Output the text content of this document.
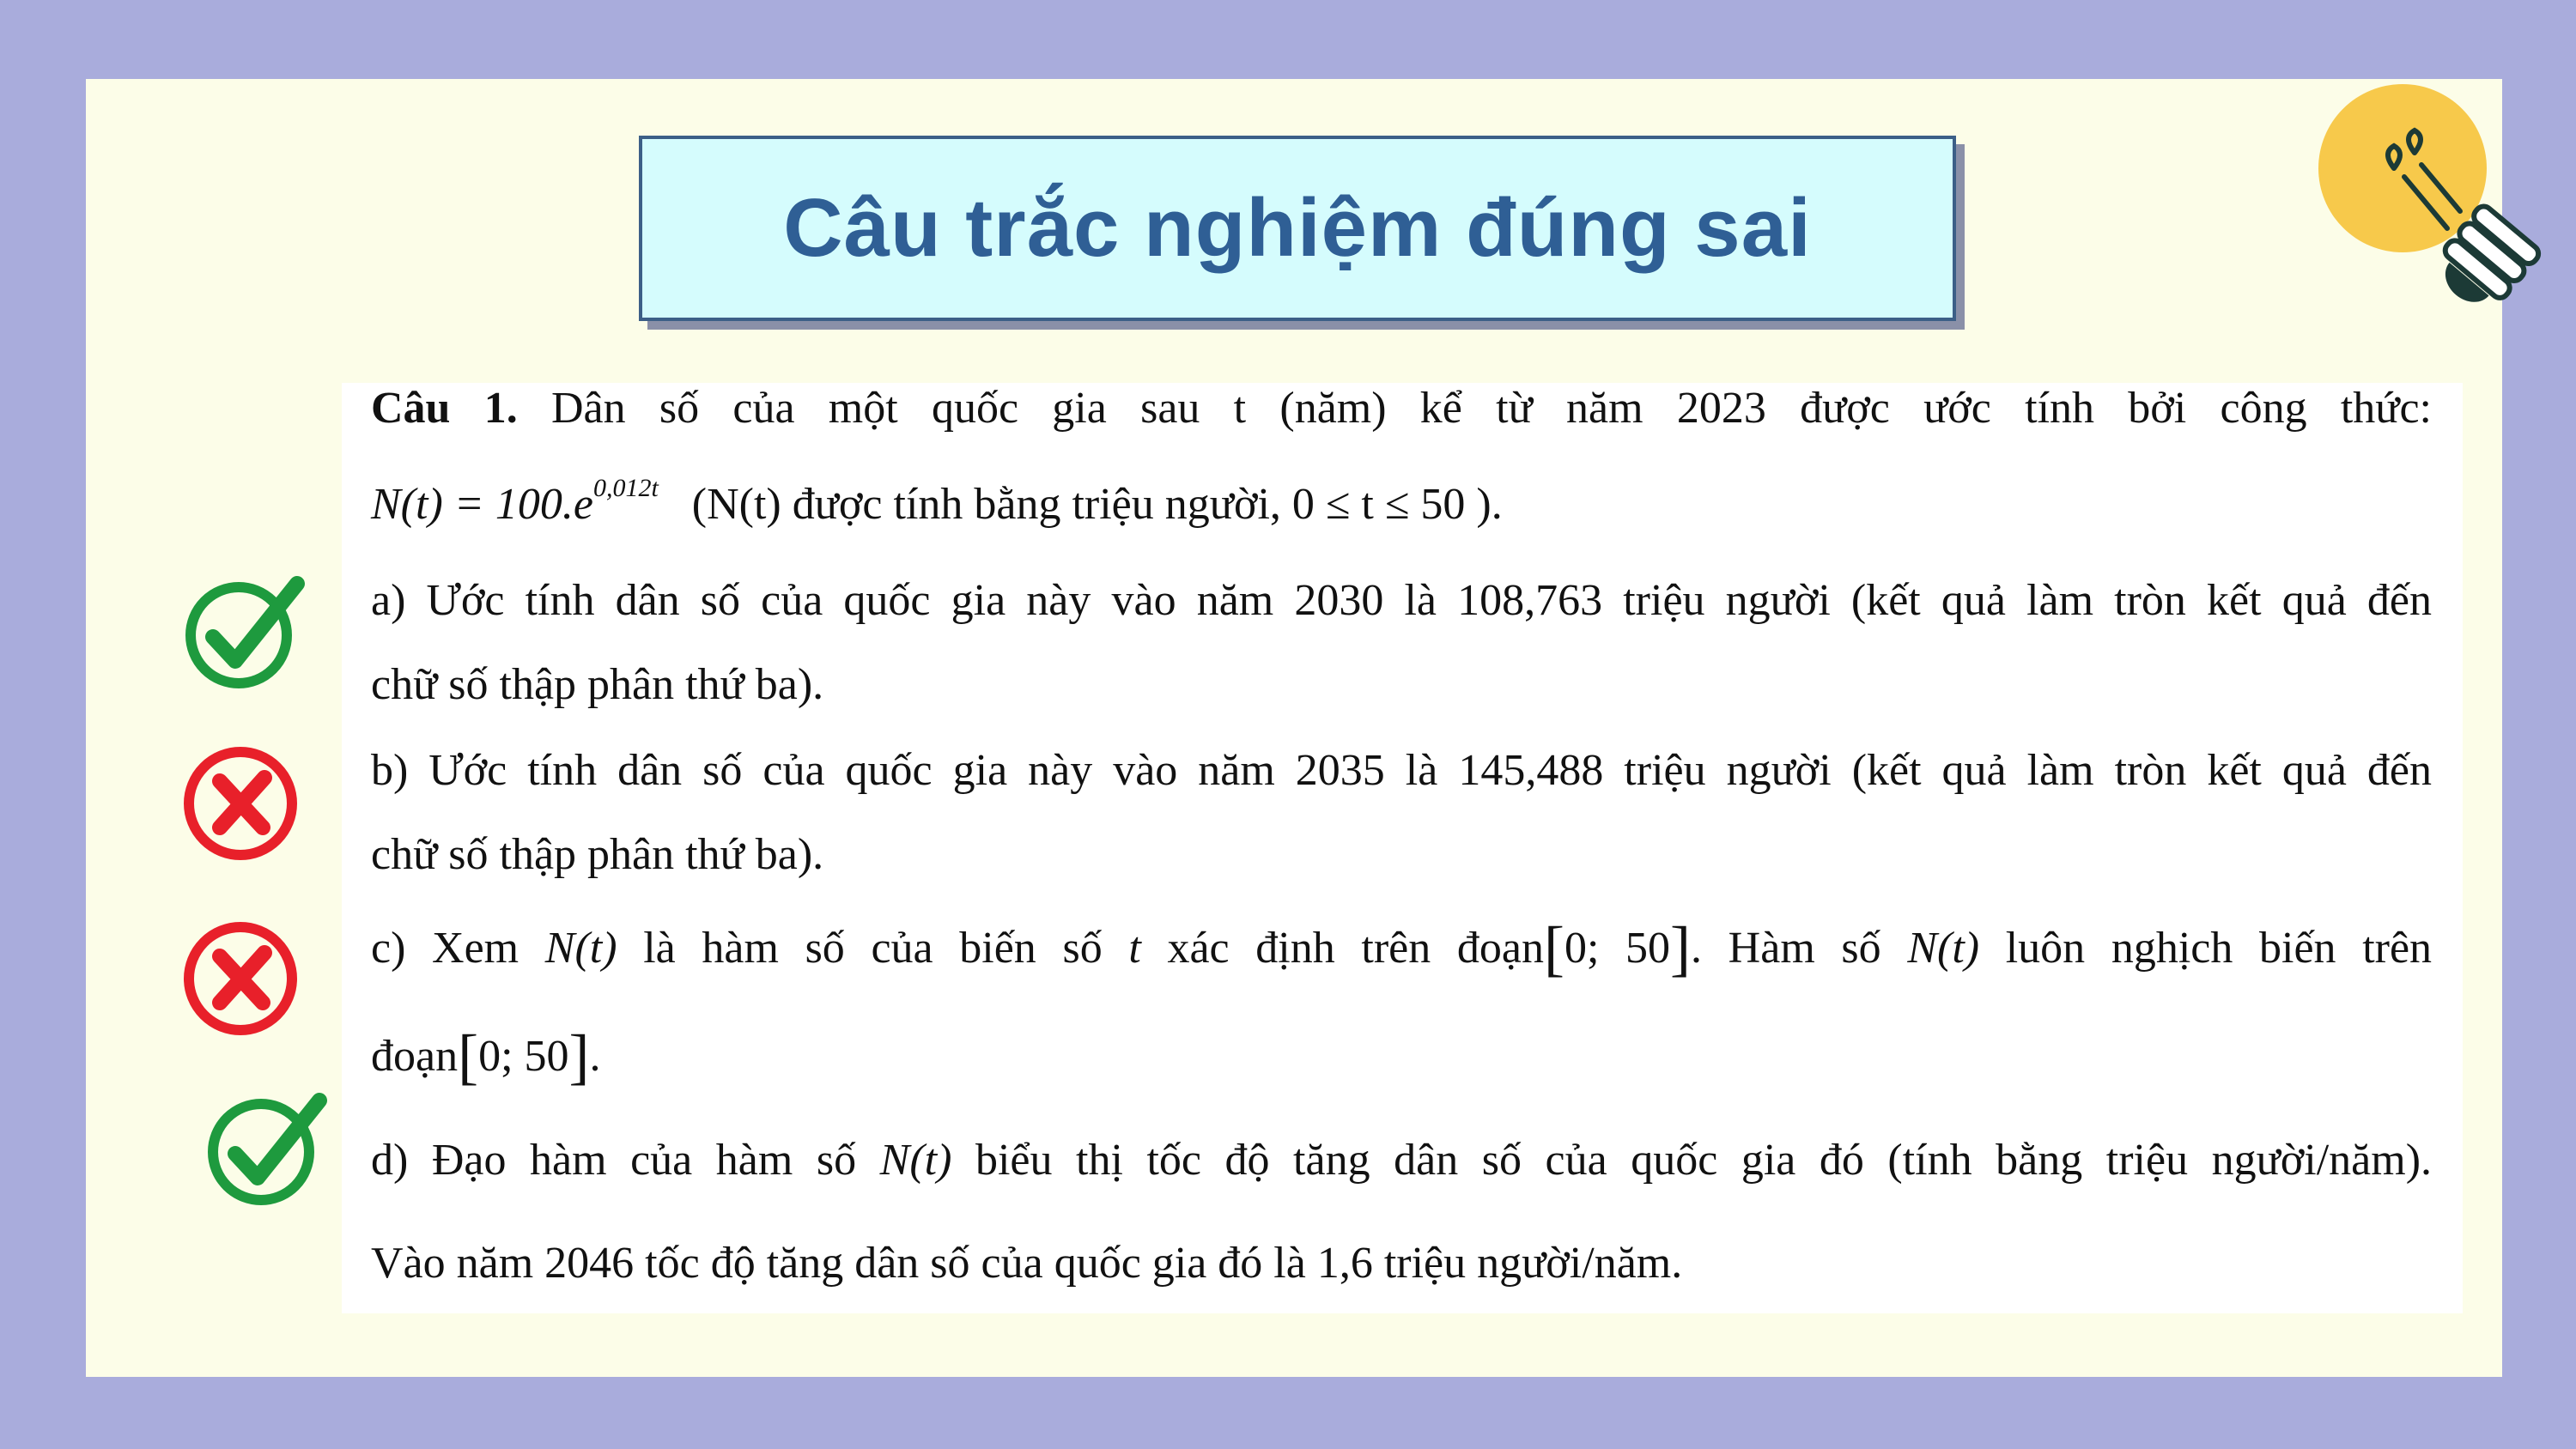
Câu trắc nghiệm đúng sai
Câu 1. Dân số của một quốc gia sau t (năm) kể từ năm 2023 được ước tính bởi công thức:
$N(t) = 100.e^{0,012t}$ (N(t) được tính bằng triệu người, 0 ≤ t ≤ 50 ).
a) Ước tính dân số của quốc gia này vào năm 2030 là 108,763 triệu người (kết quả làm tròn kết quả đến
chữ số thập phân thứ ba).
b) Ước tính dân số của quốc gia này vào năm 2035 là 145,488 triệu người (kết quả làm tròn kết quả đến
chữ số thập phân thứ ba).
c) Xem N(t) là hàm số của biến số t xác định trên đoạn[0; 50]. Hàm số N(t) luôn nghịch biến trên
đoạn[0; 50].
d) Đạo hàm của hàm số N(t) biểu thị tốc độ tăng dân số của quốc gia đó (tính bằng triệu người/năm).
Vào năm 2046 tốc độ tăng dân số của quốc gia đó là 1,6 triệu người/năm.
